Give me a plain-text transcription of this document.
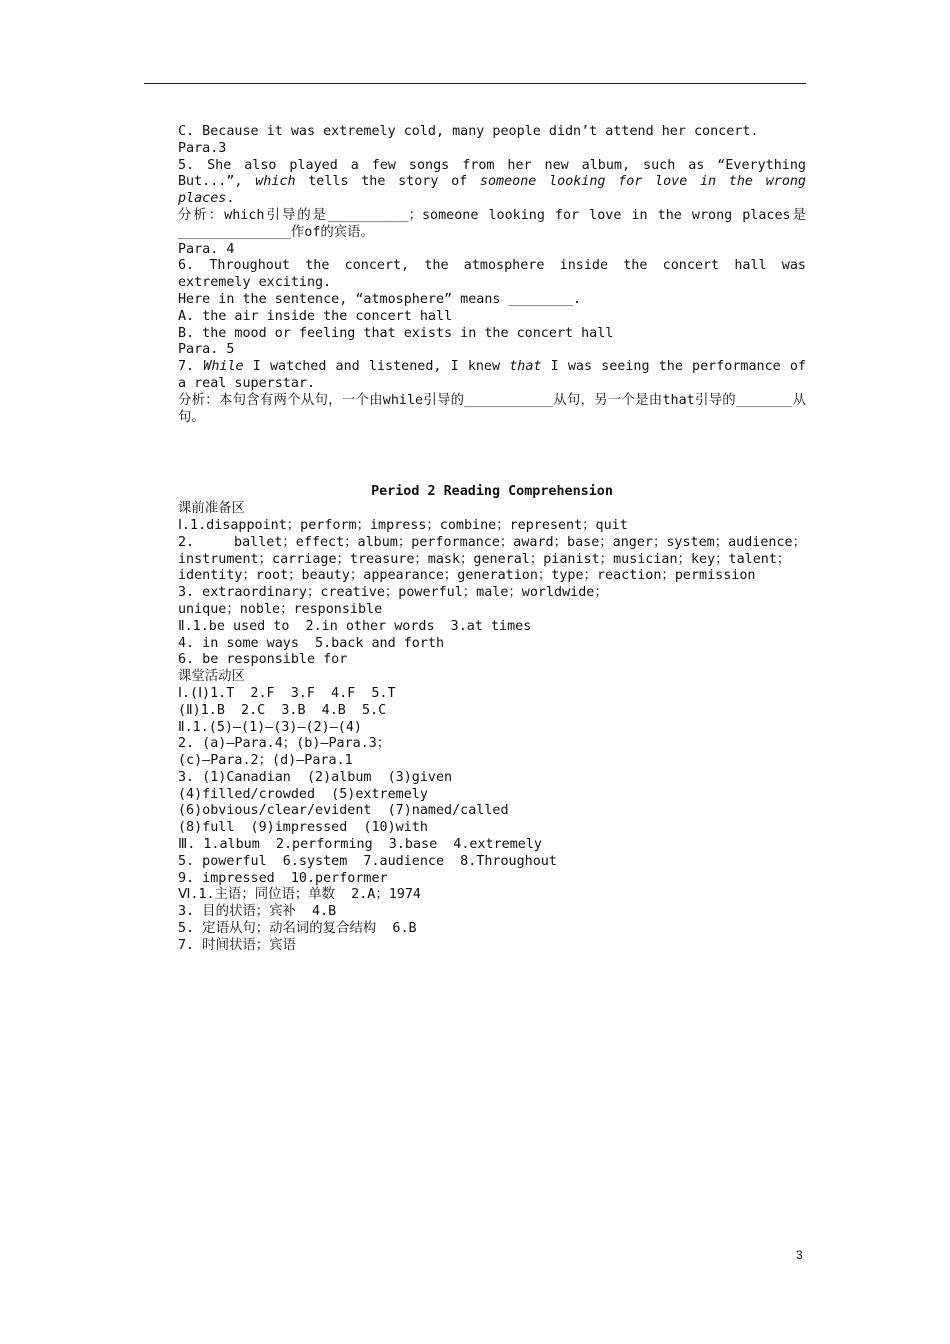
C. Because it was extremely cold, many people didn’t attend her concert.

Para.3

5. She also played a few songs from her new album, such as “Everything But...”, which tells the story of someone looking for love in the wrong places.

分析：which引导的是__________；someone looking for love in the wrong places是______________作of的宾语。

Para. 4

6. Throughout the concert, the atmosphere inside the concert hall was extremely exciting.

Here in the sentence, “atmosphere” means ________.

A. the air inside the concert hall

B. the mood or feeling that exists in the concert hall

Para. 5

7. While I watched and listened, I knew that I was seeing the performance of a real superstar.

分析：本句含有两个从句，一个由while引导的___________从句，另一个是由that引导的_______从句。

Period 2 Reading Comprehension

课前准备区

Ⅰ.1.disappoint；perform；impress；combine；represent；quit

2. ballet；effect；album；performance；award；base；anger；system；audience；instrument；carriage；treasure；mask；general；pianist；musician；key；talent；identity；root；beauty；appearance；generation；type；reaction；permission

3. extraordinary；creative；powerful；male；worldwide；

unique；noble；responsible

Ⅱ.1.be used to  2.in other words  3.at times

4. in some ways  5.back and forth

6. be responsible for

课堂活动区

Ⅰ.(Ⅰ)1.T  2.F  3.F  4.F  5.T

(Ⅱ)1.B  2.C  3.B  4.B  5.C

Ⅱ.1.(5)—(1)—(3)—(2)—(4)

2. (a)—Para.4；(b)—Para.3；

(c)—Para.2；(d)—Para.1

3. (1)Canadian  (2)album  (3)given

(4)filled/crowded  (5)extremely

(6)obvious/clear/evident  (7)named/called

(8)full  (9)impressed  (10)with

Ⅲ. 1.album  2.performing  3.base  4.extremely

5. powerful  6.system  7.audience  8.Throughout

9. impressed  10.performer

Ⅵ.1.主语；同位语；单数  2.A；1974

3. 目的状语；宾补  4.B

5. 定语从句；动名词的复合结构  6.B

7. 时间状语；宾语

3
